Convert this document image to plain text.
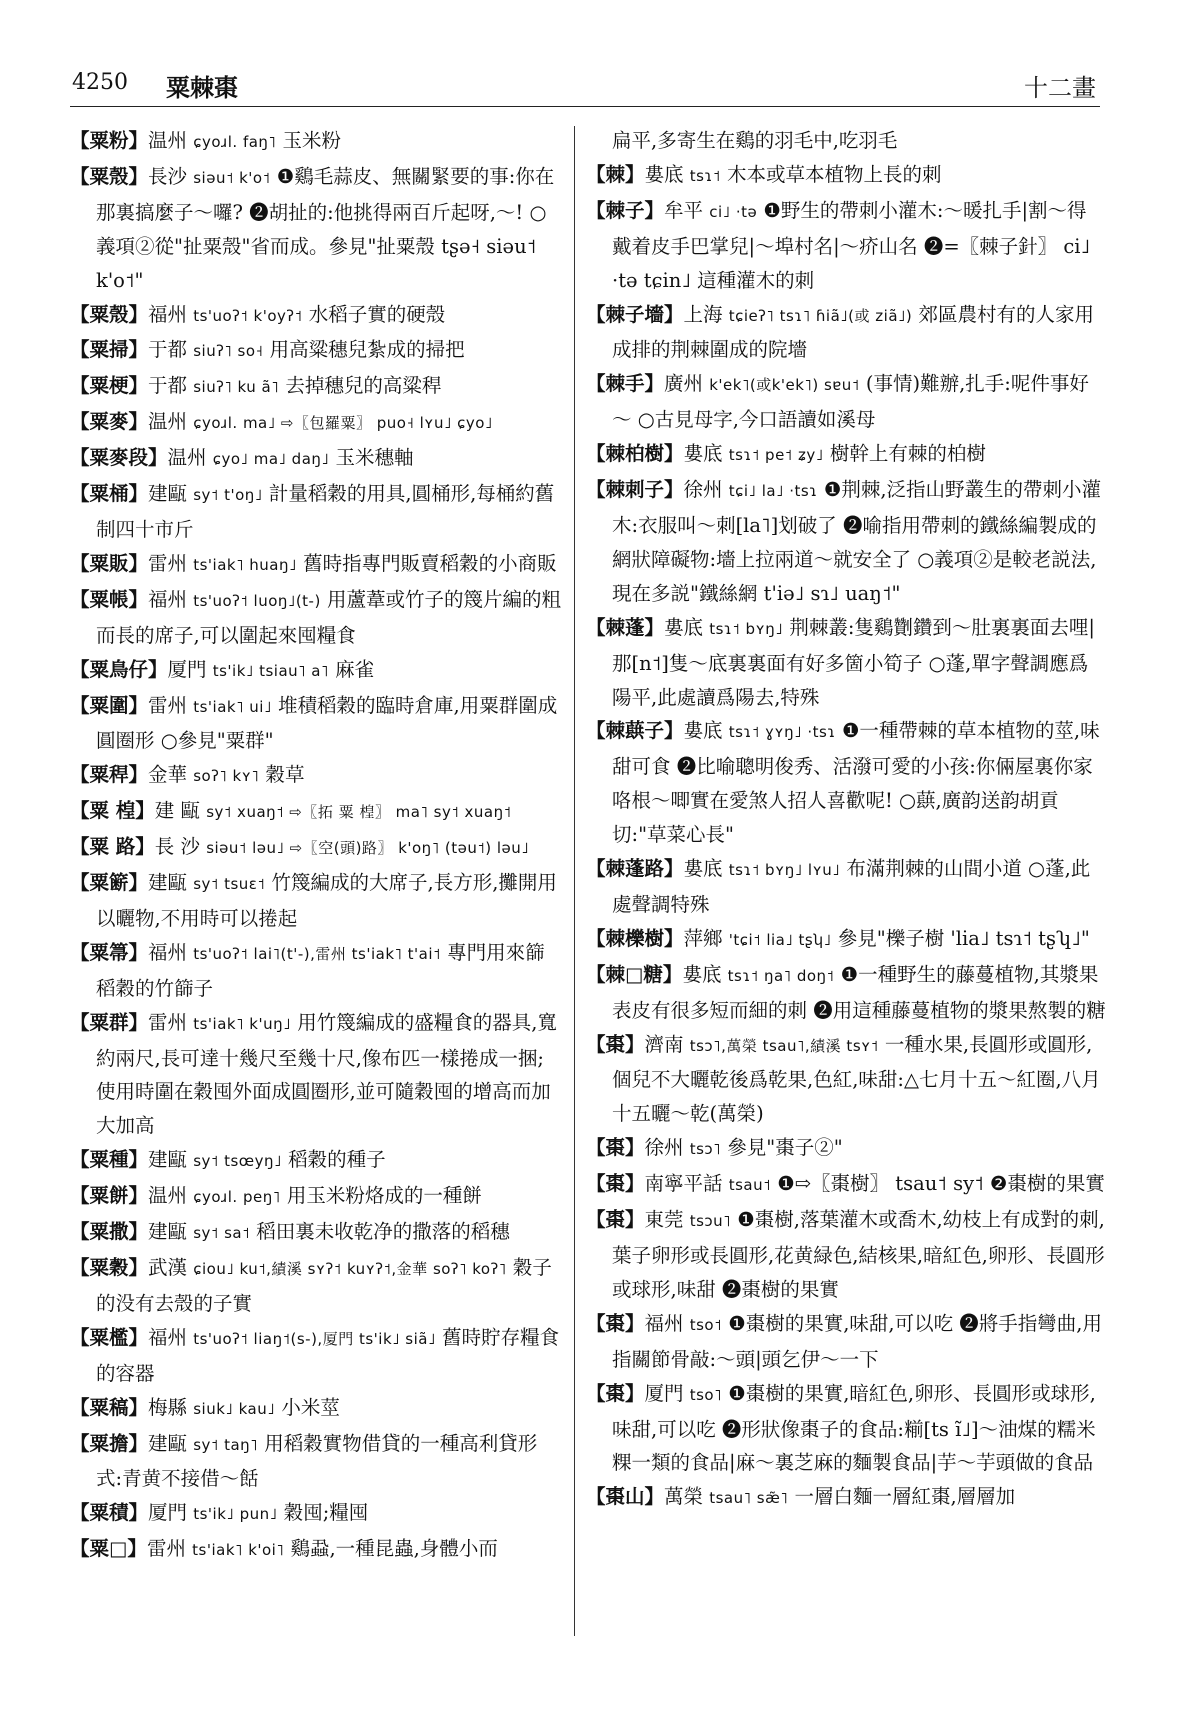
4250 粟棘棗	十二畫

【粟粉】温州 ɕyoɹl. faŋ˥ 玉米粉

【粟殼】長沙 siəu˦ k'o˦ ❶鷄毛蒜皮、無關緊要的事:你在那裏搞麼子～囉? ❷胡扯的:他挑得兩百斤起呀,～! ○義項②從"扯粟殼"省而成。參見"扯粟殼 tʂə˧ siəu˦ k'o˦"

【粟殼】福州 ts'uoʔ˦ k'oyʔ˦ 水稻子實的硬殼

【粟掃】于都 siuʔ˥ so˧ 用高粱穗兒紮成的掃把

【粟梗】于都 siuʔ˥ ku ã˥ 去掉穗兒的高粱稈

【粟麥】温州 ɕyoɹl. ma˩ ⇨〖包羅粟〗 puo˧ lʏu˩ ɕyo˩

【粟麥段】温州 ɕyo˩ ma˩ daŋ˩ 玉米穗軸

【粟桶】建甌 sy˦ t'oŋ˩ 計量稻穀的用具,圓桶形,每桶約舊制四十市斤

【粟販】雷州 ts'iak˥ huaŋ˩ 舊時指專門販賣稻穀的小商販

【粟帳】福州 ts'uoʔ˦ luoŋ˩(t-) 用蘆葦或竹子的篾片編的粗而長的席子,可以圍起來囤糧食

【粟鳥仔】厦門 ts'ik˩ tsiau˥ a˥ 麻雀

【粟圍】雷州 ts'iak˥ ui˩ 堆積稻穀的臨時倉庫,用粟群圍成圓圈形 ○參見"粟群"

【粟稈】金華 soʔ˥ kʏ˥ 穀草

【粟 楻】建 甌 sy˦ xuaŋ˦ ⇨〖拓 粟 楻〗 ma˥ sy˦ xuaŋ˦

【粟 路】長 沙 siəu˦ ləu˩ ⇨〖空(頭)路〗 k'oŋ˥ (təu˦) ləu˩

【粟簖】建甌 sy˦ tsuɛ˦ 竹篾編成的大席子,長方形,攤開用以曬物,不用時可以捲起

【粟箒】福州 ts'uoʔ˦ lai˥(t'-),雷州 ts'iak˥ t'ai˦ 專門用來篩稻穀的竹篩子

【粟群】雷州 ts'iak˥ k'uŋ˩ 用竹篾編成的盛糧食的器具,寬約兩尺,長可達十幾尺至幾十尺,像布匹一樣捲成一捆;使用時圍在穀囤外面成圓圈形,並可隨穀囤的增高而加大加高

【粟種】建甌 sy˦ tsœyŋ˩ 稻穀的種子

【粟餅】温州 ɕyoɹl. peŋ˥ 用玉米粉烙成的一種餅

【粟撒】建甌 sy˦ sa˦ 稻田裏未收乾净的撒落的稻穗

【粟穀】武漢 ɕiou˩ ku˦,績溪 sʏʔ˦ kuʏʔ˦,金華 soʔ˥ koʔ˥ 穀子的没有去殼的子實

【粟檻】福州 ts'uoʔ˦ liaŋ˦(s-),厦門 ts'ik˩ siã˩ 舊時貯存糧食的容器

【粟稿】梅縣 siuk˩ kau˩ 小米莖

【粟擔】建甌 sy˦ taŋ˥ 用稻穀實物借貸的一種高利貸形式:青黄不接借～餂

【粟積】厦門 ts'ik˩ pun˩ 穀囤;糧囤

【粟□】雷州 ts'iak˥ k'oi˥ 鷄蝨,一種昆蟲,身體小而

扁平,多寄生在鷄的羽毛中,吃羽毛

【棘】婁底 tsɿ˦ 木本或草本植物上長的刺

【棘子】牟平 ci˩ ·tə ❶野生的帶刺小灌木:～暖扎手|割～得戴着皮手巴掌兒|～埠村名|～疥山名 ❷=〖棘子針〗 ci˩ ·tə tɕin˩ 這種灌木的刺

【棘子墻】上海 tɕieʔ˥ tsɿ˥ ɦiã˩(或 ziã˩) 郊區農村有的人家用成排的荆棘圍成的院墻

【棘手】廣州 k'ek˥(或k'ek˥) sɐu˦ (事情)難辦,扎手:呢件事好～ ○古見母字,今口語讀如溪母

【棘柏樹】婁底 tsɿ˦ pe˦ ʑy˩ 樹幹上有棘的柏樹

【棘刺子】徐州 tɕi˩ la˩ ·tsɿ ❶荆棘,泛指山野叢生的帶刺小灌木:衣服叫～刺[la˥]划破了 ❷喻指用帶刺的鐵絲編製成的網狀障礙物:墻上拉兩道～就安全了 ○義項②是較老説法,現在多説"鐵絲網 t'iə˩ sɿ˩ uaŋ˦"

【棘蓬】婁底 tsɿ˦ bʏŋ˩ 荆棘叢:隻鷄劗鑽到～肚裏裏面去哩|那[n˦]隻～底裏裏面有好多箇小筍子 ○蓬,單字聲調應爲陽平,此處讀爲陽去,特殊

【棘蕻子】婁底 tsɿ˦ ɣʏŋ˩ ·tsɿ ❶一種帶棘的草本植物的莖,味甜可食 ❷比喻聰明俊秀、活潑可愛的小孩:你倆屋裏你家咯根～唧實在愛煞人招人喜歡呢! ○蕻,廣韵送韵胡貢切:"草菜心長"

【棘蓬路】婁底 tsɿ˦ bʏŋ˩ lʏu˩ 布滿荆棘的山間小道 ○蓬,此處聲調特殊

【棘櫟樹】萍鄉 'tɕi˦ lia˩ tʂʮ˩ 參見"櫟子樹 'lia˩ tsɿ˦ tʂʮ˩"

【棘□糖】婁底 tsɿ˦ ŋa˥ doŋ˦ ❶一種野生的藤蔓植物,其漿果表皮有很多短而細的刺 ❷用這種藤蔓植物的漿果熬製的糖

【棗】濟南 tsɔ˥,萬榮 tsau˥,績溪 tsʏ˦ 一種水果,長圓形或圓形,個兒不大曬乾後爲乾果,色紅,味甜:△七月十五～紅圈,八月十五曬～乾(萬榮)

【棗】徐州 tsɔ˥ 參見"棗子②"

【棗】南寧平話 tsau˦ ❶⇨〖棗樹〗 tsau˦ sy˦ ❷棗樹的果實

【棗】東莞 tsɔu˥ ❶棗樹,落葉灌木或喬木,幼枝上有成對的刺,葉子卵形或長圓形,花黄緑色,結核果,暗紅色,卵形、長圓形或球形,味甜 ❷棗樹的果實

【棗】福州 tso˦ ❶棗樹的果實,味甜,可以吃 ❷將手指彎曲,用指關節骨敲:～頭|頭乞伊～一下

【棗】厦門 tso˥ ❶棗樹的果實,暗紅色,卵形、長圓形或球形,味甜,可以吃 ❷形狀像棗子的食品:糋[ts ĩ˩]～油煤的糯米粿一類的食品|麻～裏芝麻的麵製食品|芋～芋頭做的食品

【棗山】萬榮 tsau˥ sæ̃˥ 一層白麵一層紅棗,層層加
